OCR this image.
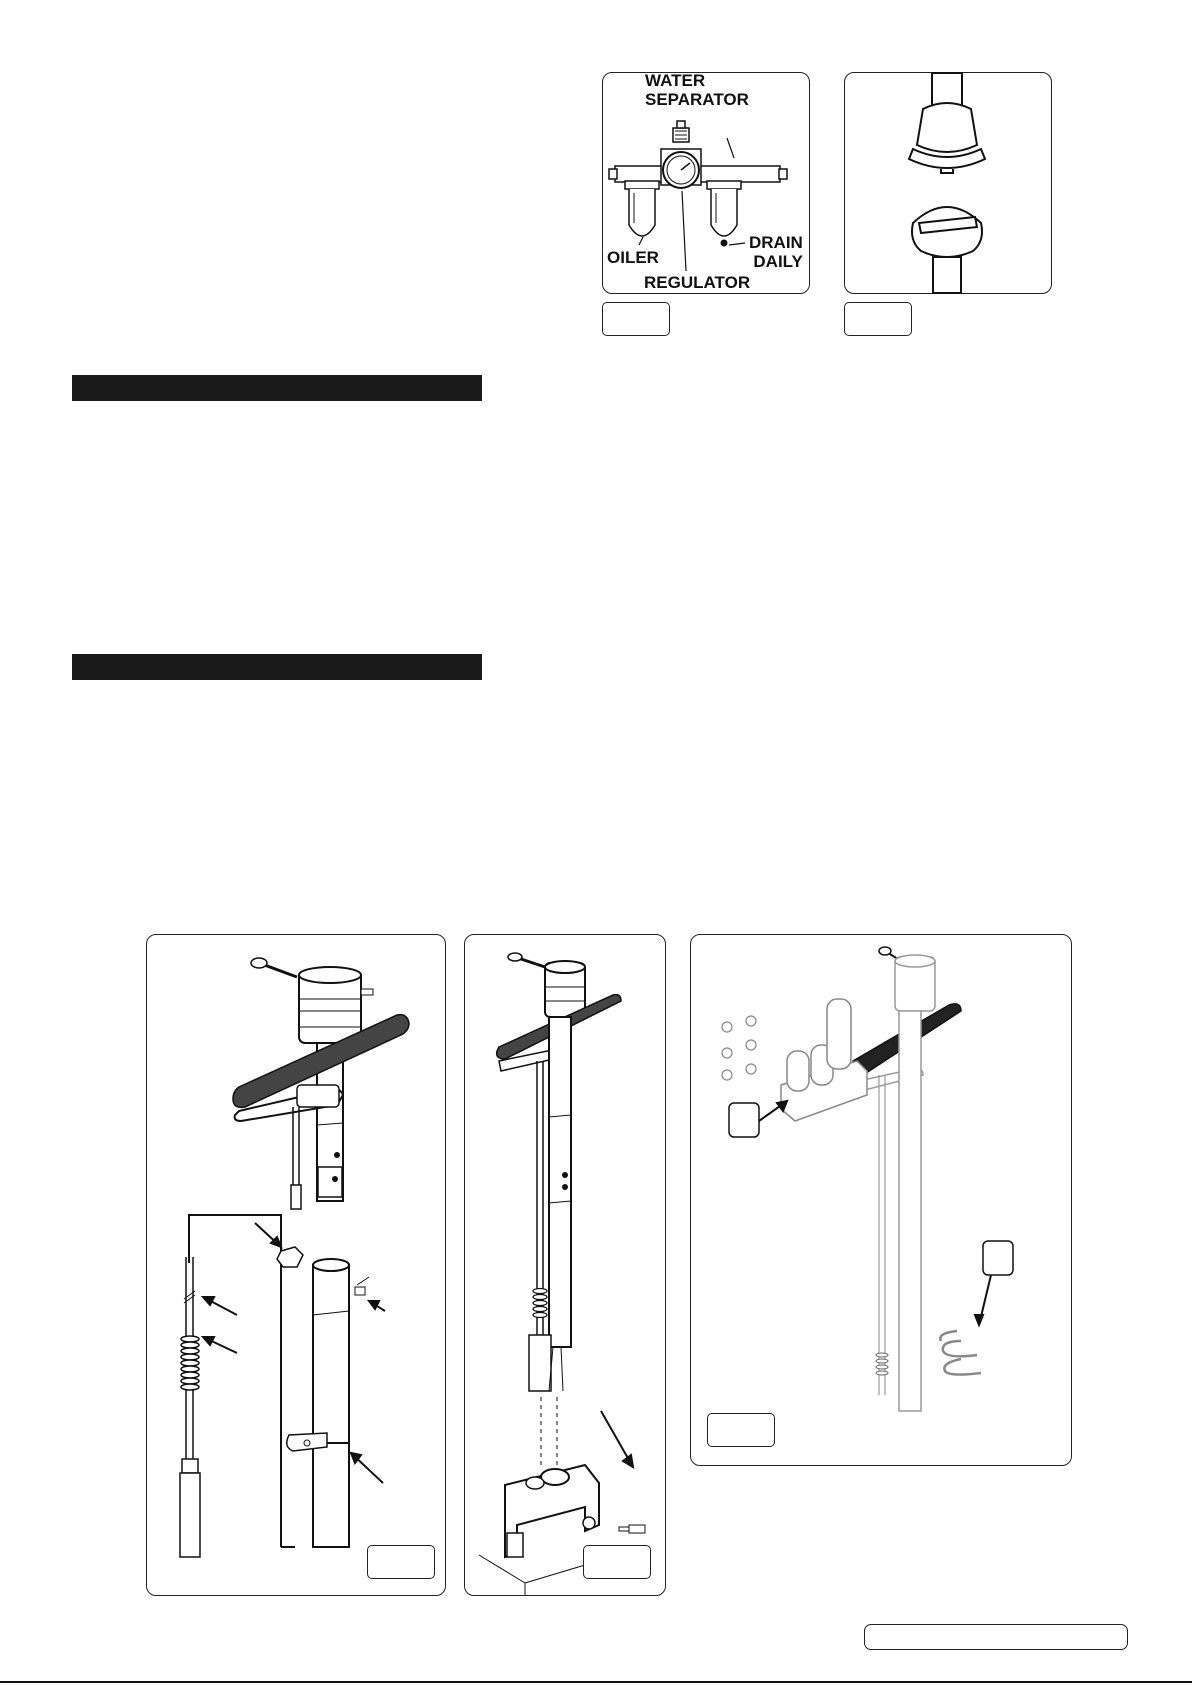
WATER
SEPARATOR
OILER
DRAIN
DAILY
REGULATOR
